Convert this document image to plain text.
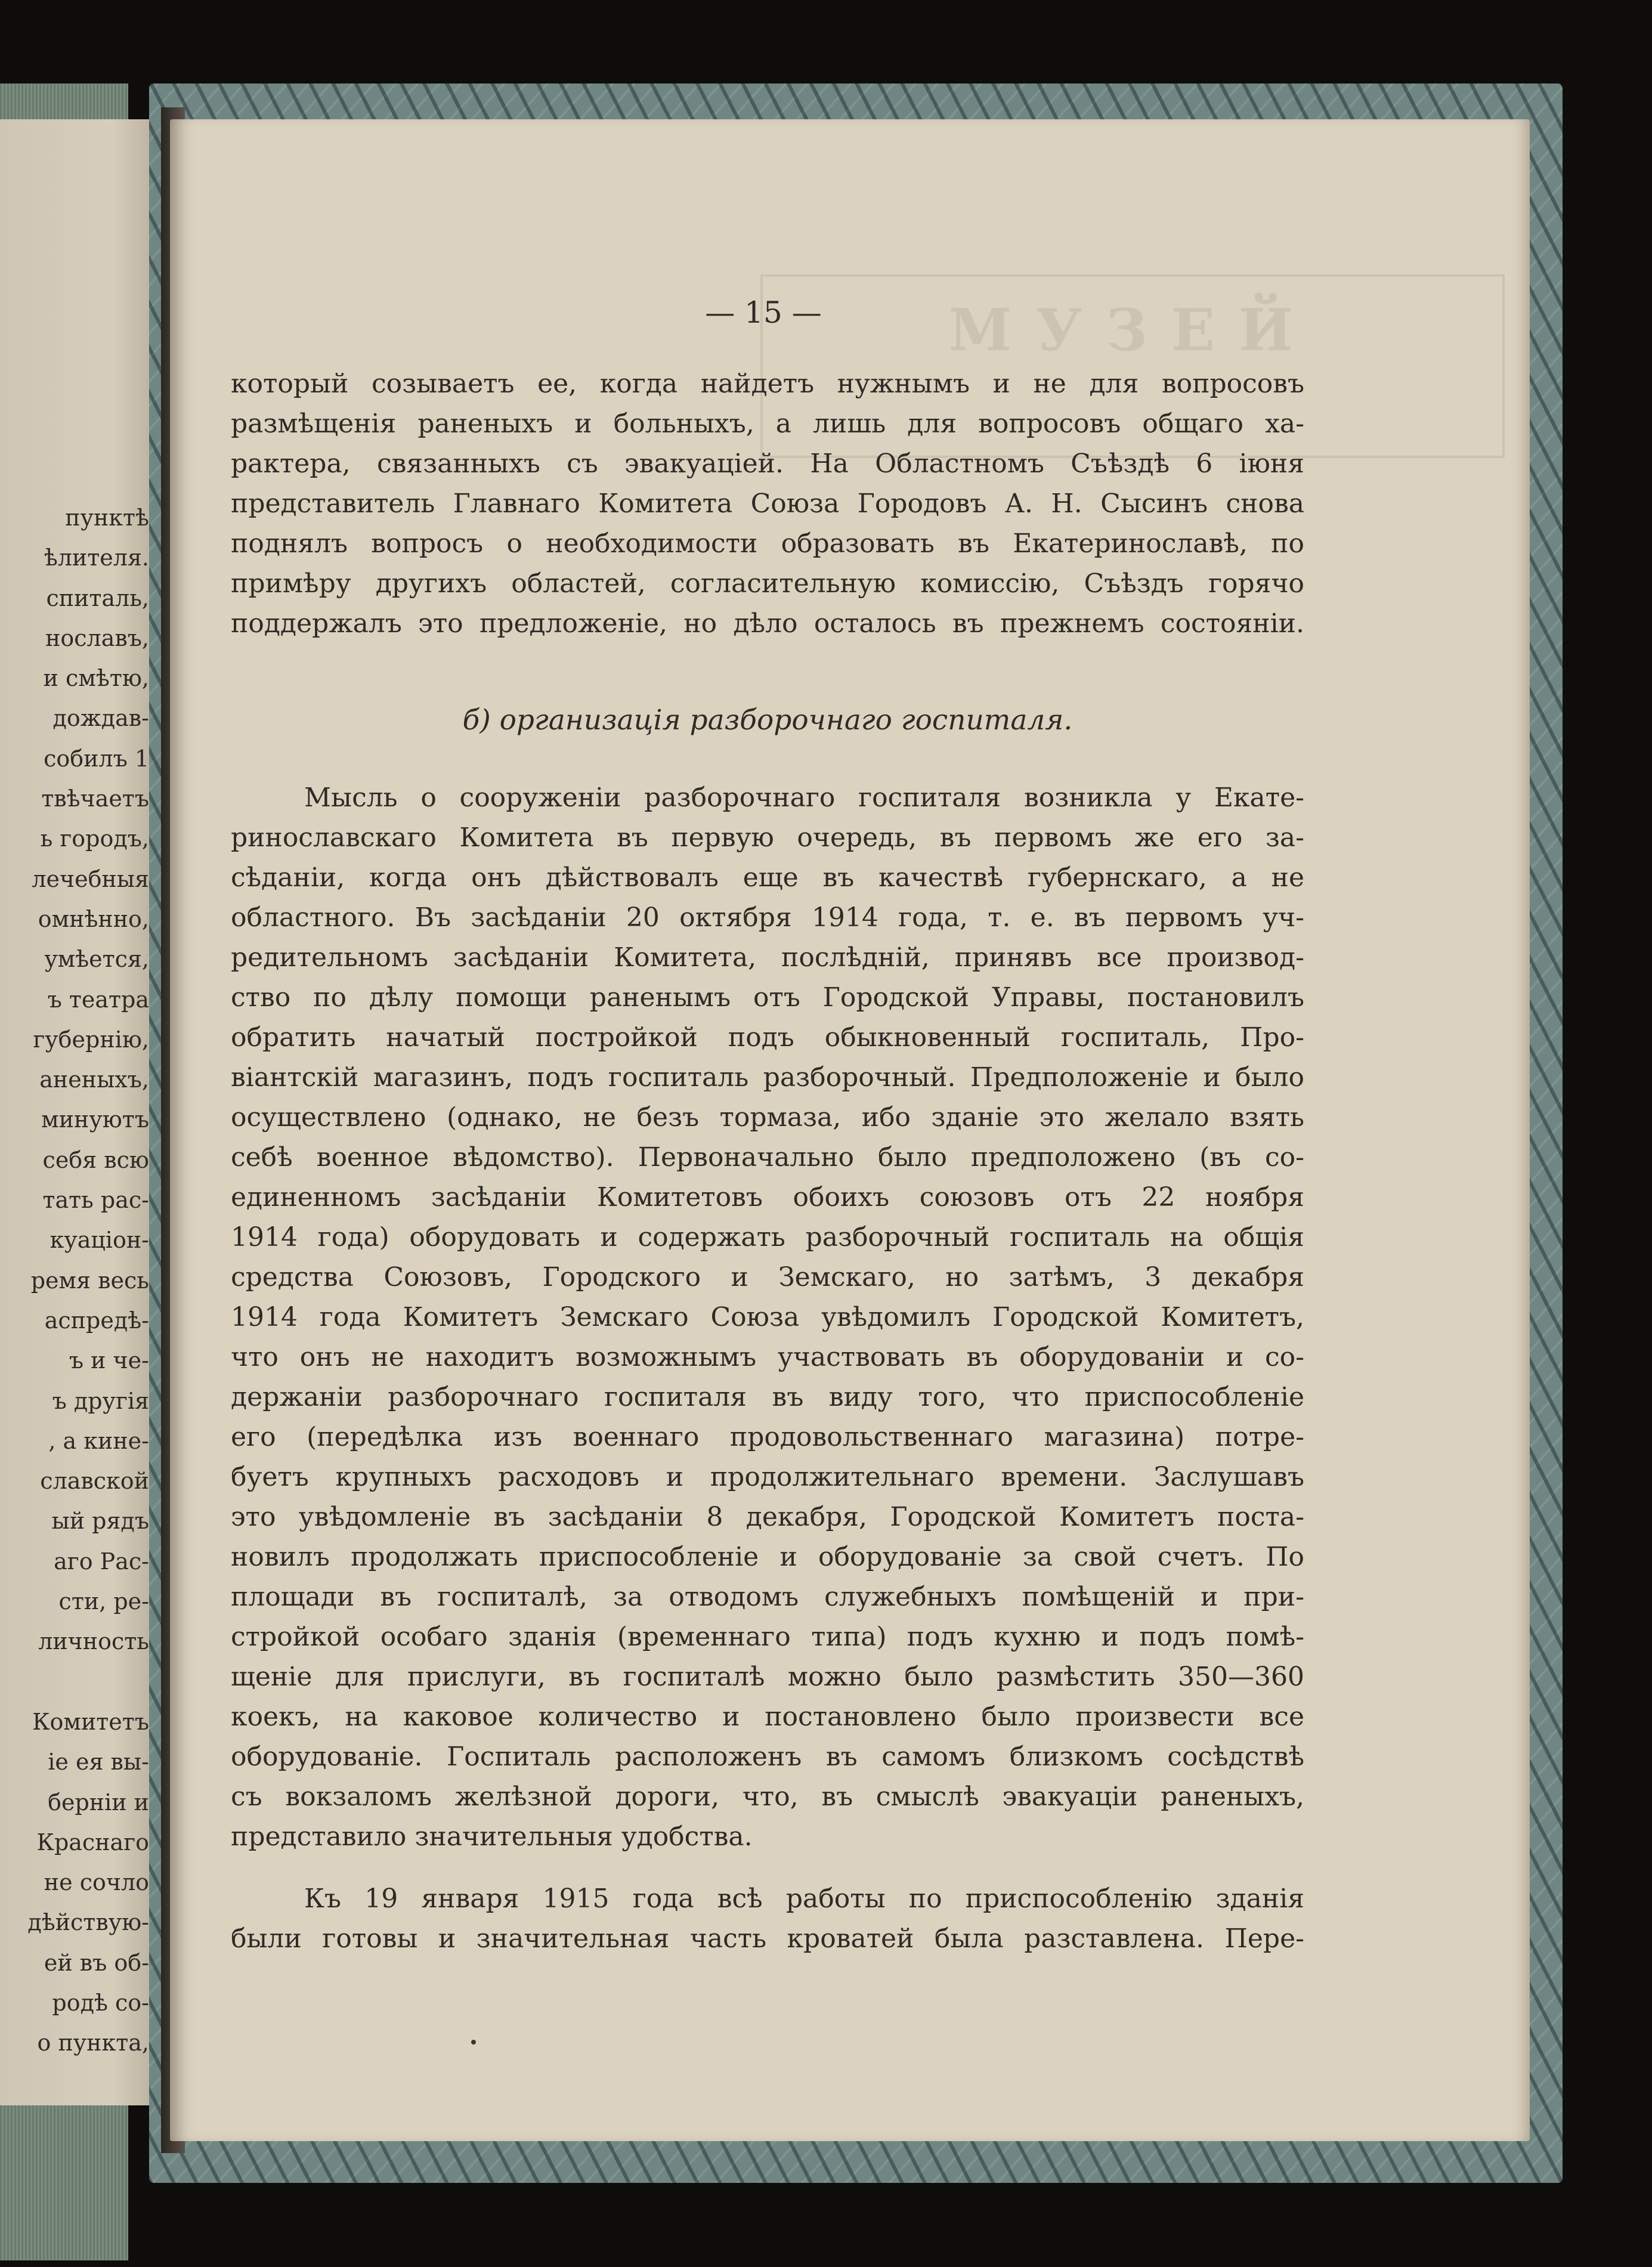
пунктѣ
ѣлителя.
спиталь,
нославъ,
и смѣтю,
дождав-
собилъ 1
твѣчаетъ
ь городъ,
лечебныя
омнѣнно,
умѣется,
ъ театра
губернію,
аненыхъ,
минуютъ
себя всю
тать рас-
куаціон-
ремя весь
аспредѣ-
ъ и че-
ъ другія
, а кине-
славской
ый рядъ
аго Рас-
сти, ре-
личность

Комитетъ
іе ея вы-
берніи и
Краснаго
не сочло
дѣйствую-
ей въ об-
родѣ со-
о пункта,
МУЗЕЙ
— 15 —
который созываетъ ее, когда найдетъ нужнымъ и не для вопросовъ
размѣщенія раненыхъ и больныхъ, а лишь для вопросовъ общаго ха-
рактера, связанныхъ съ эвакуаціей. На Областномъ Съѣздѣ 6 іюня
представитель Главнаго Комитета Союза Городовъ А. Н. Сысинъ снова
поднялъ вопросъ о необходимости образовать въ Екатеринославѣ, по
примѣру другихъ областей, согласительную комиссію, Съѣздъ горячо
поддержалъ это предложеніе, но дѣло осталось въ прежнемъ состояніи.
б) организація разборочнаго госпиталя.
Мысль о сооруженіи разборочнаго госпиталя возникла у Екате-
ринославскаго Комитета въ первую очередь, въ первомъ же его за-
сѣданіи, когда онъ дѣйствовалъ еще въ качествѣ губернскаго, а не
областного. Въ засѣданіи 20 октября 1914 года, т. е. въ первомъ уч-
редительномъ засѣданіи Комитета, послѣдній, принявъ все производ-
ство по дѣлу помощи раненымъ отъ Городской Управы, постановилъ
обратить начатый постройкой подъ обыкновенный госпиталь, Про-
віантскій магазинъ, подъ госпиталь разборочный. Предположеніе и было
осуществлено (однако, не безъ тормаза, ибо зданіе это желало взять
себѣ военное вѣдомство). Первоначально было предположено (въ со-
единенномъ засѣданіи Комитетовъ обоихъ союзовъ отъ 22 ноября
1914 года) оборудовать и содержать разборочный госпиталь на общія
средства Союзовъ, Городского и Земскаго, но затѣмъ, 3 декабря
1914 года Комитетъ Земскаго Союза увѣдомилъ Городской Комитетъ,
что онъ не находитъ возможнымъ участвовать въ оборудованіи и со-
держаніи разборочнаго госпиталя въ виду того, что приспособленіе
его (передѣлка изъ военнаго продовольственнаго магазина) потре-
буетъ крупныхъ расходовъ и продолжительнаго времени. Заслушавъ
это увѣдомленіе въ засѣданіи 8 декабря, Городской Комитетъ поста-
новилъ продолжать приспособленіе и оборудованіе за свой счетъ. По
площади въ госпиталѣ, за отводомъ служебныхъ помѣщеній и при-
стройкой особаго зданія (временнаго типа) подъ кухню и подъ помѣ-
щеніе для прислуги, въ госпиталѣ можно было размѣстить 350—360
коекъ, на каковое количество и постановлено было произвести все
оборудованіе. Госпиталь расположенъ въ самомъ близкомъ сосѣдствѣ
съ вокзаломъ желѣзной дороги, что, въ смыслѣ эвакуаціи раненыхъ,
представило значительныя удобства.
Къ 19 января 1915 года всѣ работы по приспособленію зданія
были готовы и значительная часть кроватей была разставлена. Пере-
